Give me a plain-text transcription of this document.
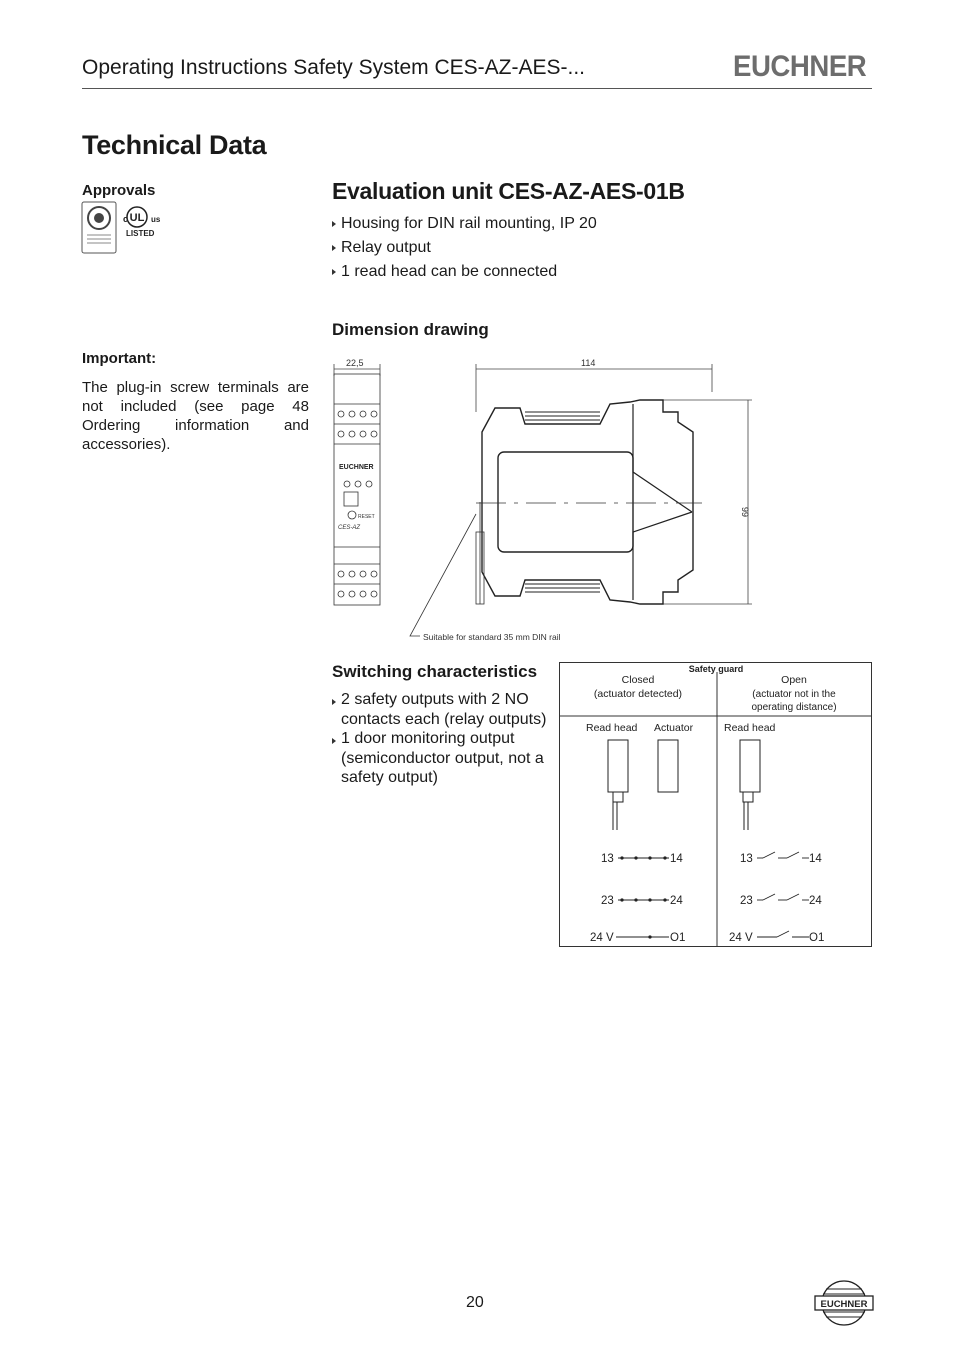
Operating Instructions Safety System CES-AZ-AES-...	EUCHNER
Technical Data
Approvals
UL
c	us
LISTED
Important:

The plug-in screw terminals are not included (see page 48 Ordering information and accessories).

Evaluation unit CES-AZ-AES-01B
Housing for DIN rail mounting, IP 20
Relay output
1 read head can be connected
Dimension drawing
22,5
EUCHNER
RESET
CES-AZ
114
99
Suitable for standard 35 mm DIN rail
Switching characteristics
2 safety outputs with 2 NO contacts each (relay outputs)
1 door monitoring output (semiconductor output, not a safety output)
Safety guard
Closed
(actuator detected)
Open
(actuator not in the
operating distance)
Read head Actuator	Read head
13	14
23	24
24 V	O1
13	14
23	24
24 V	O1
20	EUCHNER
